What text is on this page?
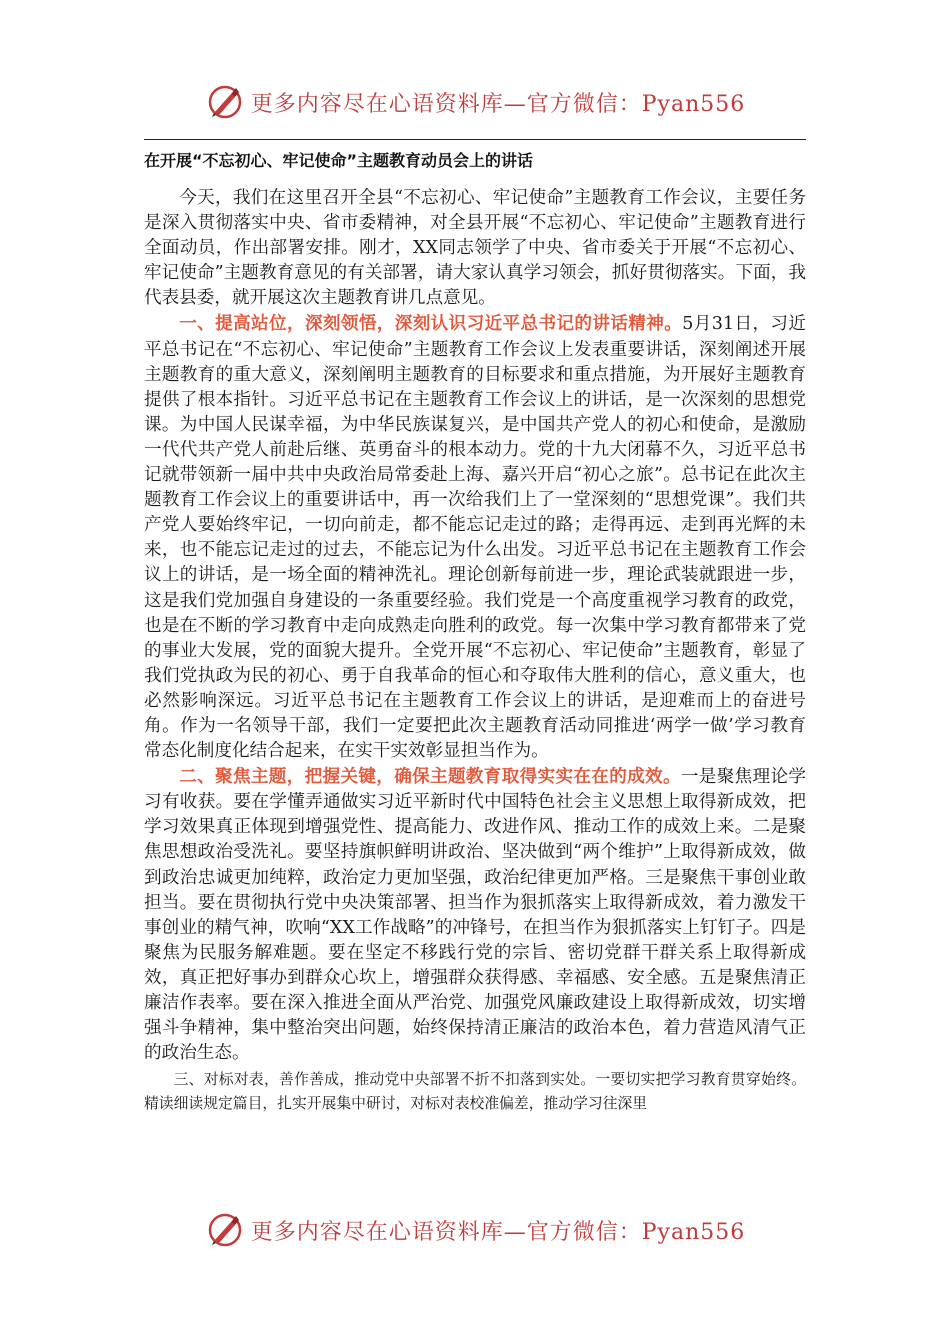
更多内容尽在心语资料库—官方微信：Pyan556
在开展“不忘初心、牢记使命”主题教育动员会上的讲话

今天，我们在这里召开全县“不忘初心、牢记使命”主题教育工作会议，主要任务是深入贯彻落实中央、省市委精神，对全县开展“不忘初心、牢记使命”主题教育进行全面动员，作出部署安排。刚才，XX同志领学了中央、省市委关于开展“不忘初心、牢记使命”主题教育意见的有关部署，请大家认真学习领会，抓好贯彻落实。下面，我代表县委，就开展这次主题教育讲几点意见。

一、提高站位，深刻领悟，深刻认识习近平总书记的讲话精神。5月31日，习近平总书记在“不忘初心、牢记使命”主题教育工作会议上发表重要讲话，深刻阐述开展主题教育的重大意义，深刻阐明主题教育的目标要求和重点措施，为开展好主题教育提供了根本指针。习近平总书记在主题教育工作会议上的讲话，是一次深刻的思想党课。为中国人民谋幸福，为中华民族谋复兴，是中国共产党人的初心和使命，是激励一代代共产党人前赴后继、英勇奋斗的根本动力。党的十九大闭幕不久，习近平总书记就带领新一届中共中央政治局常委赴上海、嘉兴开启“初心之旅”。总书记在此次主题教育工作会议上的重要讲话中，再一次给我们上了一堂深刻的“思想党课”。我们共产党人要始终牢记，一切向前走，都不能忘记走过的路；走得再远、走到再光辉的未来，也不能忘记走过的过去，不能忘记为什么出发。习近平总书记在主题教育工作会议上的讲话，是一场全面的精神洗礼。理论创新每前进一步，理论武装就跟进一步，这是我们党加强自身建设的一条重要经验。我们党是一个高度重视学习教育的政党，也是在不断的学习教育中走向成熟走向胜利的政党。每一次集中学习教育都带来了党的事业大发展，党的面貌大提升。全党开展“不忘初心、牢记使命”主题教育，彰显了我们党执政为民的初心、勇于自我革命的恒心和夺取伟大胜利的信心，意义重大，也必然影响深远。习近平总书记在主题教育工作会议上的讲话，是迎难而上的奋进号角。作为一名领导干部，我们一定要把此次主题教育活动同推进‘两学一做’学习教育常态化制度化结合起来，在实干实效彰显担当作为。

二、聚焦主题，把握关键，确保主题教育取得实实在在的成效。一是聚焦理论学习有收获。要在学懂弄通做实习近平新时代中国特色社会主义思想上取得新成效，把学习效果真正体现到增强党性、提高能力、改进作风、推动工作的成效上来。二是聚焦思想政治受洗礼。要坚持旗帜鲜明讲政治、坚决做到“两个维护”上取得新成效，做到政治忠诚更加纯粹，政治定力更加坚强，政治纪律更加严格。三是聚焦干事创业敢担当。要在贯彻执行党中央决策部署、担当作为狠抓落实上取得新成效，着力激发干事创业的精气神，吹响“XX工作战略”的冲锋号，在担当作为狠抓落实上钉钉子。四是聚焦为民服务解难题。要在坚定不移践行党的宗旨、密切党群干群关系上取得新成效，真正把好事办到群众心坎上，增强群众获得感、幸福感、安全感。五是聚焦清正廉洁作表率。要在深入推进全面从严治党、加强党风廉政建设上取得新成效，切实增强斗争精神，集中整治突出问题，始终保持清正廉洁的政治本色，着力营造风清气正的政治生态。

三、对标对表，善作善成，推动党中央部署不折不扣落到实处。一要切实把学习教育贯穿始终。精读细读规定篇目，扎实开展集中研讨，对标对表校准偏差，推动学习往深里

更多内容尽在心语资料库—官方微信：Pyan556
